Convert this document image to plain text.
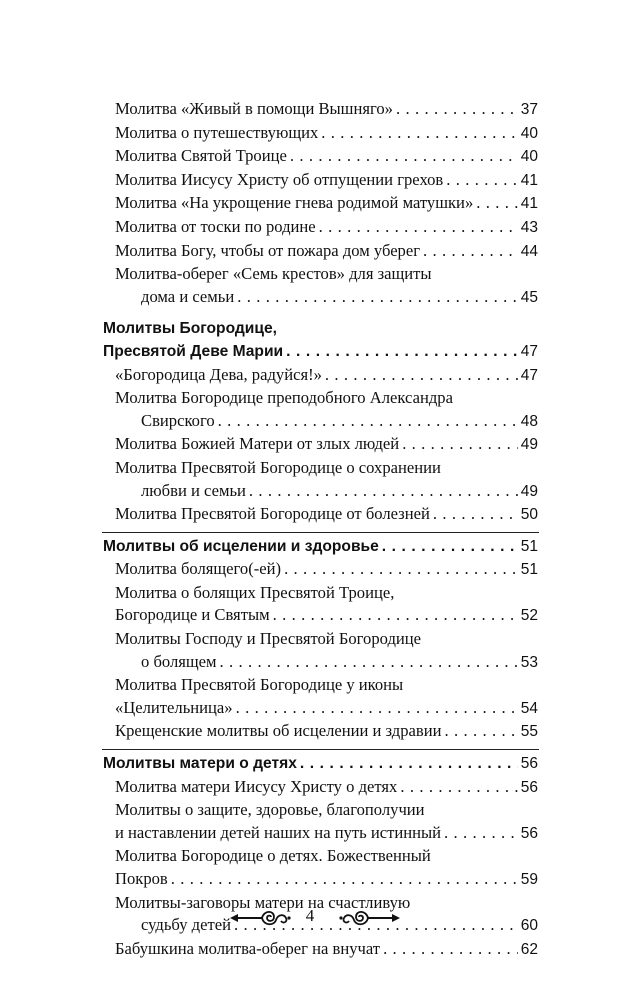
Молитва «Живый в помощи Вышняго» . . .	37
Молитва о путешествующих . . .	40
Молитва Святой Троице . . .	40
Молитва Иисусу Христу об отпущении грехов . . .	41
Молитва «На укрощение гнева родимой матушки» . . .	41
Молитва от тоски по родине . . .	43
Молитва Богу, чтобы от пожара дом уберег . . .	44
Молитва-оберег «Семь крестов» для защиты
дома и семьи . . .	45
Молитвы Богородице,
Пресвятой Деве Марии . . .	47
«Богородица Дева, радуйся!» . . .	47
Молитва Богородице преподобного Александра
Свирского . . .	48
Молитва Божией Матери от злых людей . . .	49
Молитва Пресвятой Богородице о сохранении
любви и семьи . . .	49
Молитва Пресвятой Богородице от болезней . . .	50
Молитвы об исцелении и здоровье . . .	51
Молитва болящего(-ей) . . .	51
Молитва о болящих Пресвятой Троице,
Богородице и Святым . . .	52
Молитвы Господу и Пресвятой Богородице
о болящем . . .	53
Молитва Пресвятой Богородице у иконы
«Целительница» . . .	54
Крещенские молитвы об исцелении и здравии . . .	55
Молитвы матери о детях . . .	56
Молитва матери Иисусу Христу о детях . . .	56
Молитвы о защите, здоровье, благополучии
и наставлении детей наших на путь истинный . . .	56
Молитва Богородице о детях. Божественный
Покров . . .	59
Молитвы-заговоры матери на счастливую
судьбу детей . . .	60
Бабушкина молитва-оберег на внучат . . .	62
4
